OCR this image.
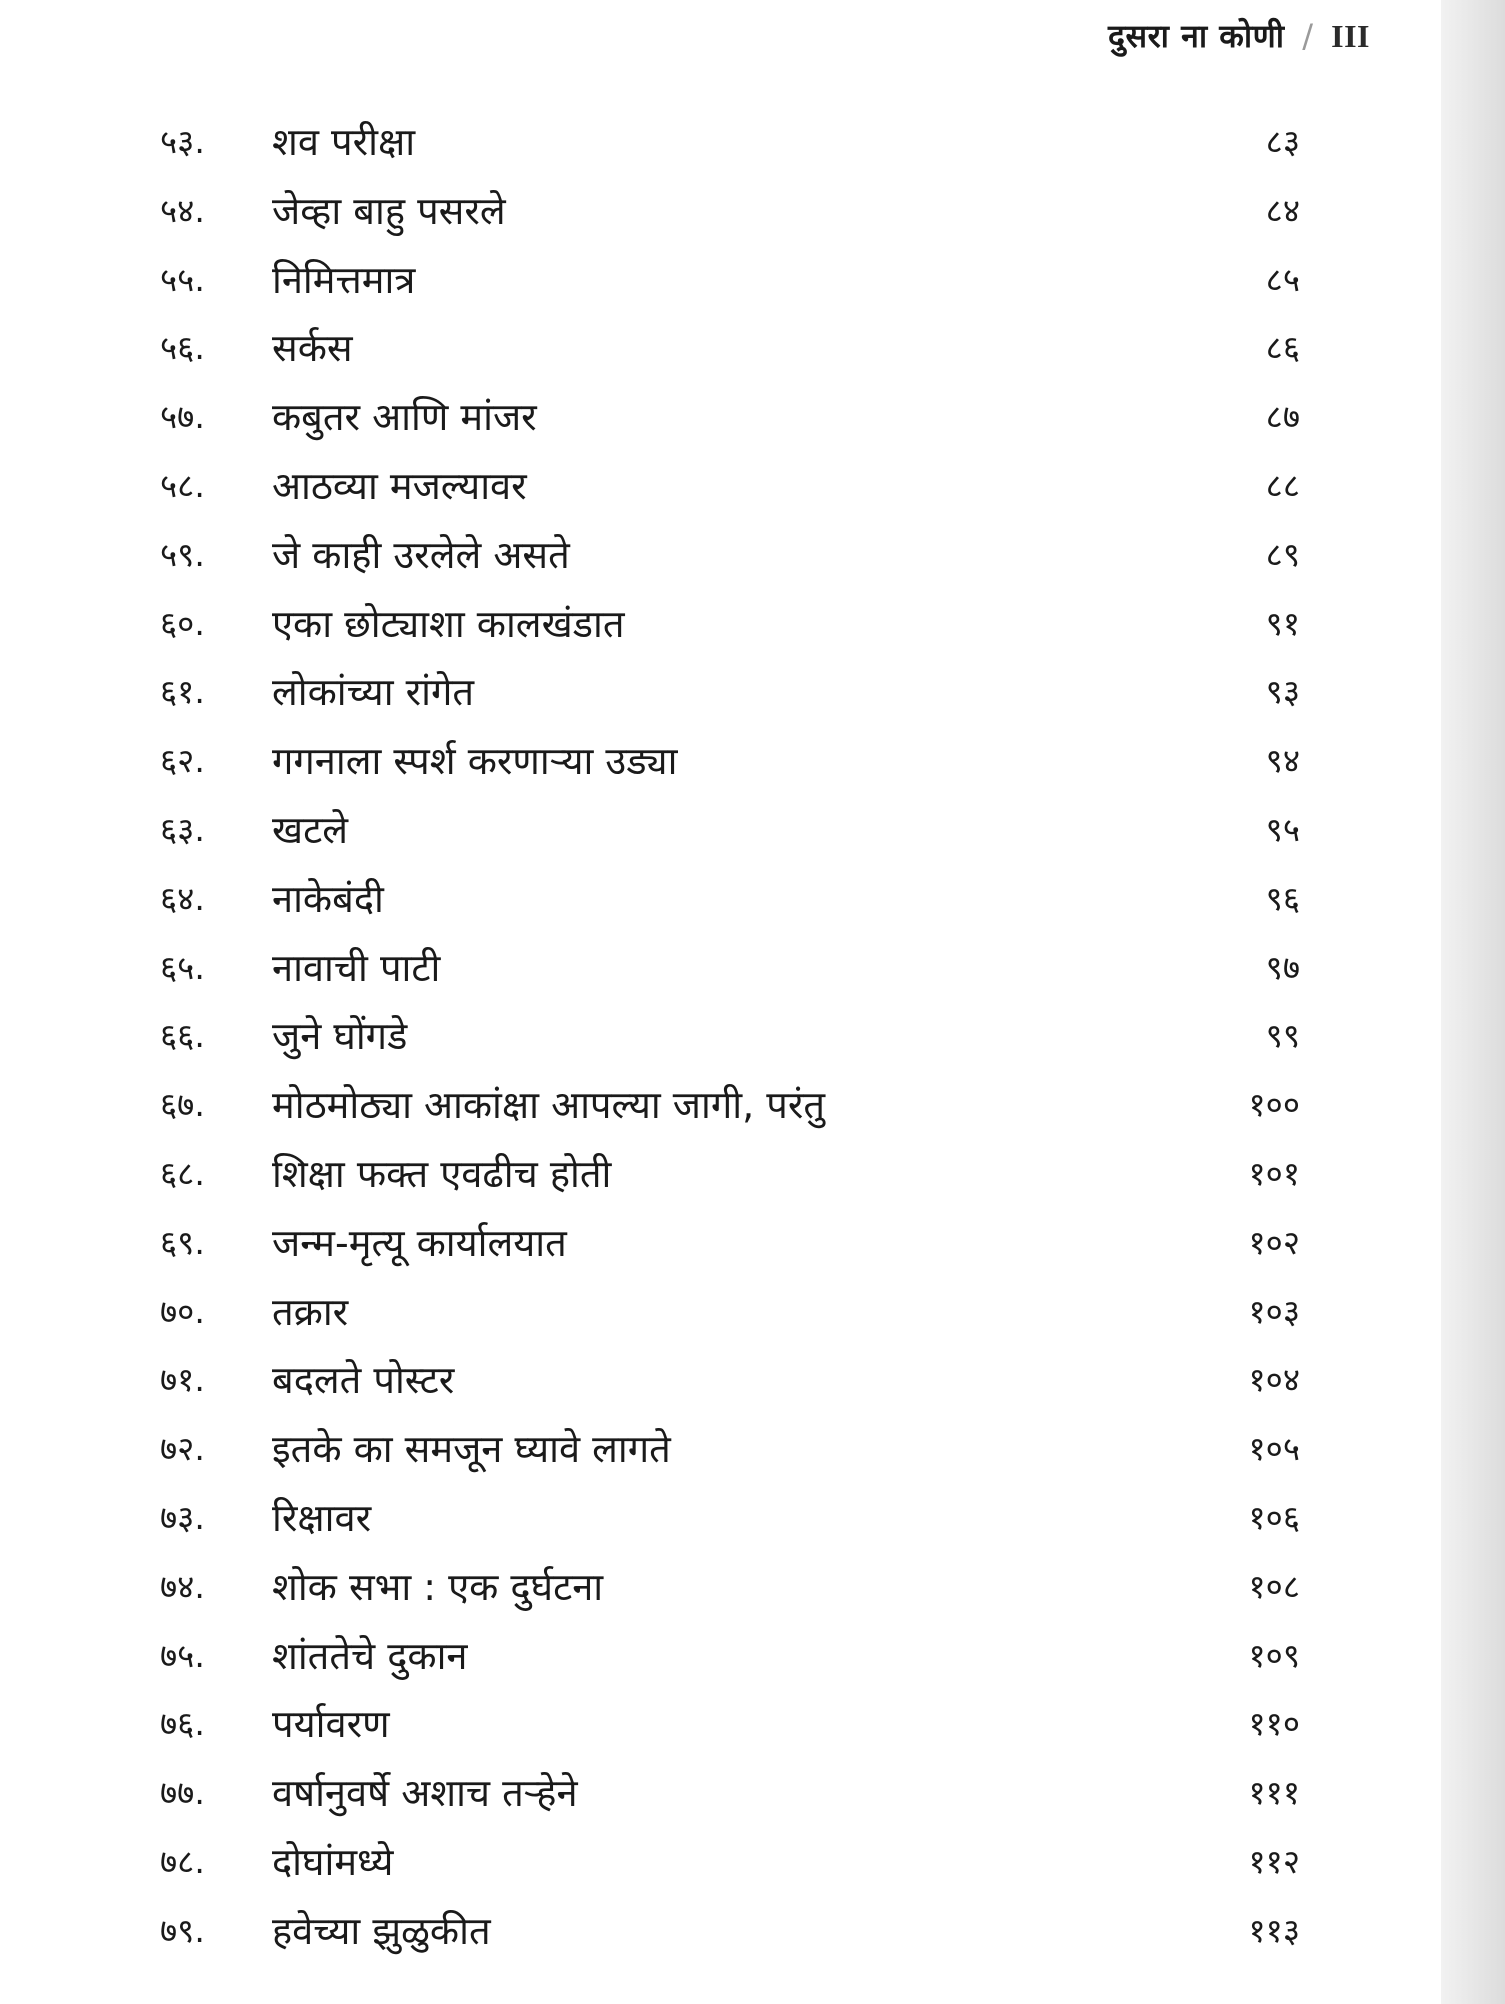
दुसरा ना कोणी / III
५३. शव परीक्षा	८३
५४. जेव्हा बाहु पसरले	८४
५५. निमित्तमात्र	८५
५६. सर्कस	८६
५७. कबुतर आणि मांजर	८७
५८. आठव्या मजल्यावर	८८
५९. जे काही उरलेले असते	८९
६०. एका छोट्याशा कालखंडात	९१
६१. लोकांच्या रांगेत	९३
६२. गगनाला स्पर्श करणाऱ्या उड्या	९४
६३. खटले	९५
६४. नाकेबंदी	९६
६५. नावाची पाटी	९७
६६. जुने घोंगडे	९९
६७. मोठमोठ्या आकांक्षा आपल्या जागी, परंतु	१००
६८. शिक्षा फक्त एवढीच होती	१०१
६९. जन्म-मृत्यू कार्यालयात	१०२
७०. तक्रार	१०३
७१. बदलते पोस्टर	१०४
७२. इतके का समजून घ्यावे लागते	१०५
७३. रिक्षावर	१०६
७४. शोक सभा : एक दुर्घटना	१०८
७५. शांततेचे दुकान	१०९
७६. पर्यावरण	११०
७७. वर्षानुवर्षे अशाच तऱ्हेने	१११
७८. दोघांमध्ये	११२
७९. हवेच्या झुळुकीत	११३
